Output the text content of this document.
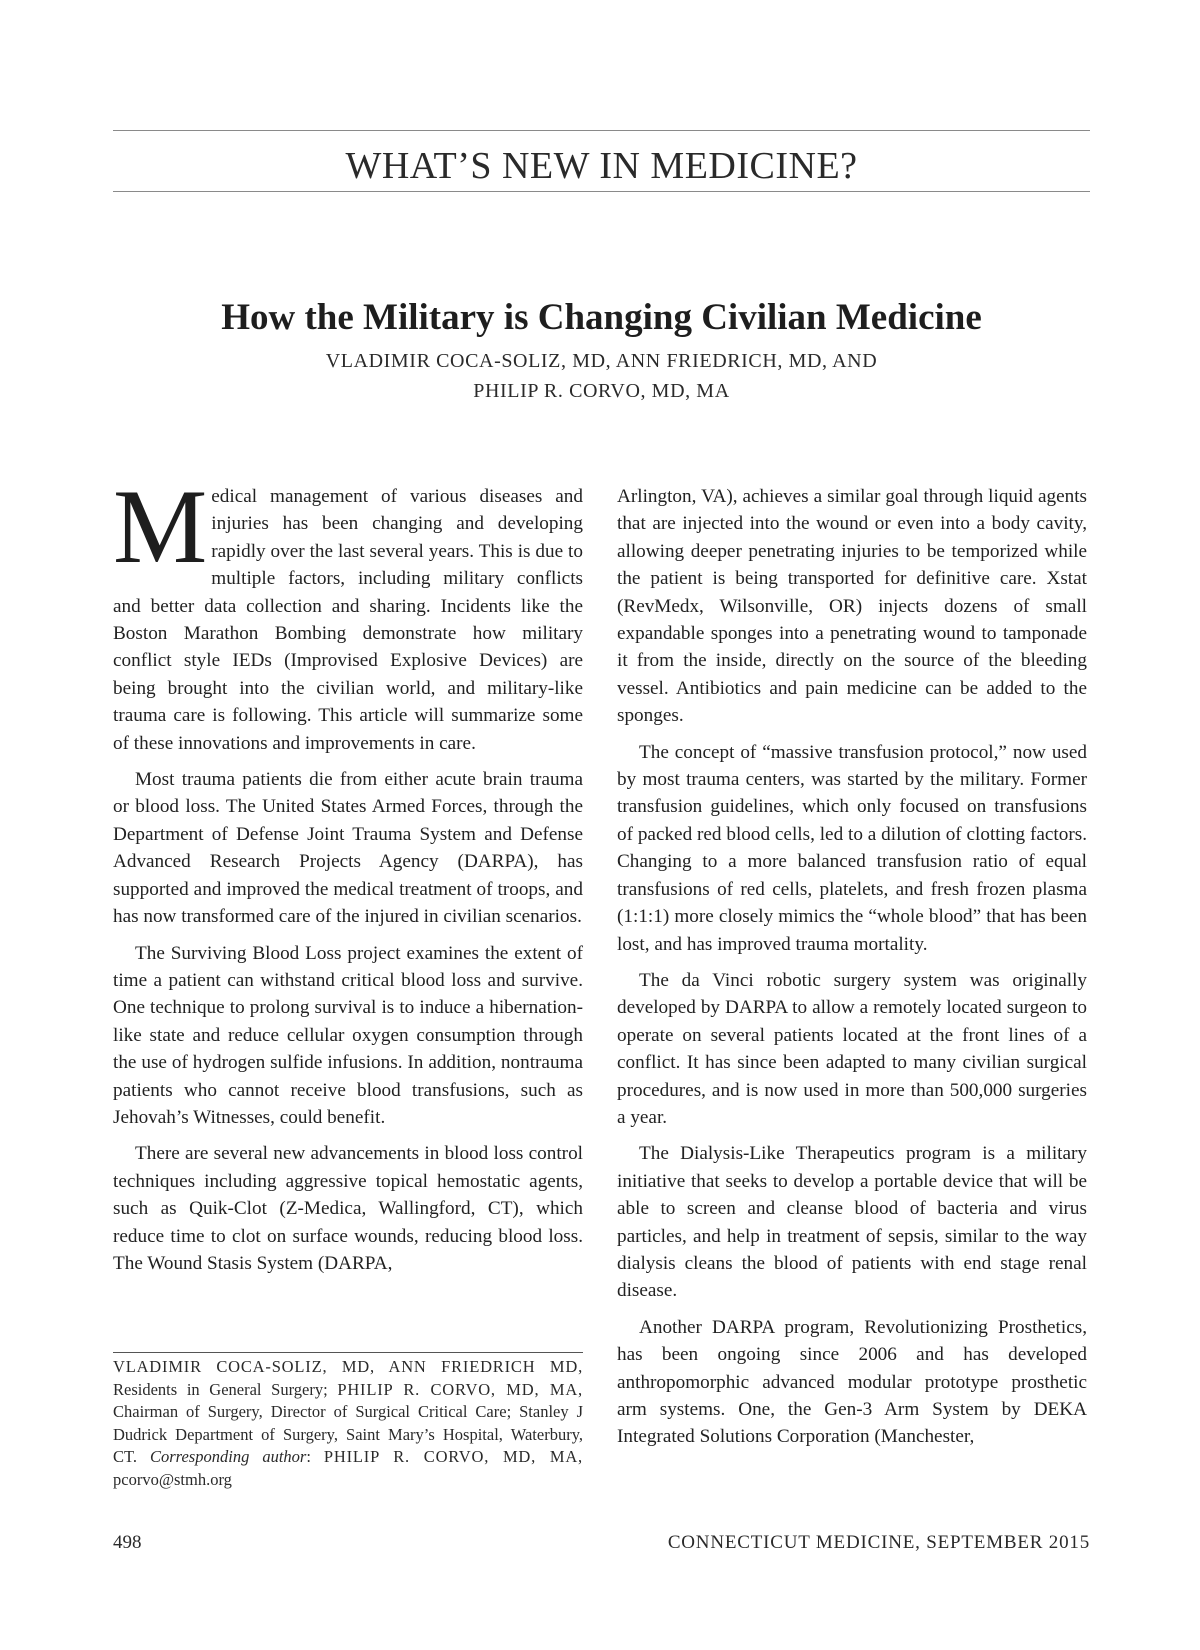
WHAT’S NEW IN MEDICINE?
How the Military is Changing Civilian Medicine
VLADIMIR COCA-SOLIZ, MD, ANN FRIEDRICH, MD, AND
PHILIP R. CORVO, MD, MA

Medical management of various diseases and injuries has been changing and developing rapidly over the last several years. This is due to multiple factors, including military conflicts and better data collection and sharing. Incidents like the Boston Marathon Bombing demonstrate how military conflict style IEDs (Improvised Explosive Devices) are being brought into the civilian world, and military-like trauma care is following. This article will summarize some of these innovations and improvements in care.

Most trauma patients die from either acute brain trauma or blood loss. The United States Armed Forces, through the Department of Defense Joint Trauma System and Defense Advanced Research Projects Agency (DARPA), has supported and improved the medical treatment of troops, and has now transformed care of the injured in civilian scenarios.

The Surviving Blood Loss project examines the extent of time a patient can withstand critical blood loss and survive. One technique to prolong survival is to induce a hibernation-like state and reduce cellular oxygen consumption through the use of hydrogen sulfide infusions. In addition, nontrauma patients who cannot receive blood transfusions, such as Jehovah’s Witnesses, could benefit.

There are several new advancements in blood loss control techniques including aggressive topical hemostatic agents, such as Quik-Clot (Z-Medica, Wallingford, CT), which reduce time to clot on surface wounds, reducing blood loss. The Wound Stasis System (DARPA,

Arlington, VA), achieves a similar goal through liquid agents that are injected into the wound or even into a body cavity, allowing deeper penetrating injuries to be temporized while the patient is being transported for definitive care. Xstat (RevMedx, Wilsonville, OR) injects dozens of small expandable sponges into a penetrating wound to tamponade it from the inside, directly on the source of the bleeding vessel. Antibiotics and pain medicine can be added to the sponges.

The concept of “massive transfusion protocol,” now used by most trauma centers, was started by the military. Former transfusion guidelines, which only focused on transfusions of packed red blood cells, led to a dilution of clotting factors. Changing to a more balanced transfusion ratio of equal transfusions of red cells, platelets, and fresh frozen plasma (1:1:1) more closely mimics the “whole blood” that has been lost, and has improved trauma mortality.

The da Vinci robotic surgery system was originally developed by DARPA to allow a remotely located surgeon to operate on several patients located at the front lines of a conflict. It has since been adapted to many civilian surgical procedures, and is now used in more than 500,000 surgeries a year.

The Dialysis-Like Therapeutics program is a military initiative that seeks to develop a portable device that will be able to screen and cleanse blood of bacteria and virus particles, and help in treatment of sepsis, similar to the way dialysis cleans the blood of patients with end stage renal disease.

Another DARPA program, Revolutionizing Prosthetics, has been ongoing since 2006 and has developed anthropomorphic advanced modular prototype prosthetic arm systems. One, the Gen-3 Arm System by DEKA Integrated Solutions Corporation (Manchester,

VLADIMIR COCA-SOLIZ, MD, ANN FRIEDRICH MD, Residents in General Surgery; PHILIP R. CORVO, MD, MA, Chairman of Surgery, Director of Surgical Critical Care; Stanley J Dudrick Department of Surgery, Saint Mary’s Hospital, Waterbury, CT. Corresponding author: PHILIP R. CORVO, MD, MA, pcorvo@stmh.org
498	CONNECTICUT MEDICINE, SEPTEMBER 2015
